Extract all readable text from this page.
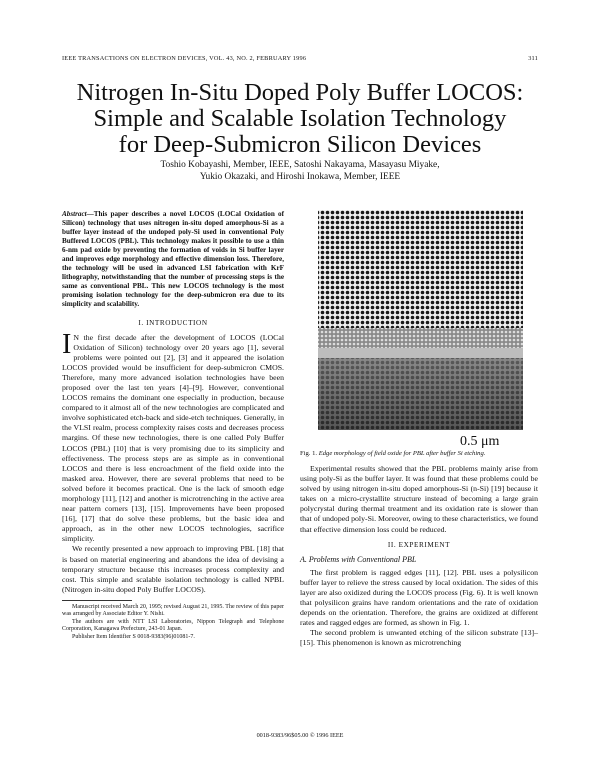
IEEE TRANSACTIONS ON ELECTRON DEVICES, VOL. 43, NO. 2, FEBRUARY 1996	311

Nitrogen In-Situ Doped Poly Buffer LOCOS:

Simple and Scalable Isolation Technology

for Deep-Submicron Silicon Devices

Toshio Kobayashi, Member, IEEE, Satoshi Nakayama, Masayasu Miyake,
Yukio Okazaki, and Hiroshi Inokawa, Member, IEEE

Abstract—This paper describes a novel LOCOS (LOCal Oxidation of Silicon) technology that uses nitrogen in-situ doped amorphous-Si as a buffer layer instead of the undoped poly-Si used in conventional Poly Buffered LOCOS (PBL). This technology makes it possible to use a thin 6-nm pad oxide by preventing the formation of voids in Si buffer layer and improves edge morphology and effective dimension loss. Therefore, the technology will be used in advanced LSI fabrication with KrF lithography, notwithstanding that the number of processing steps is the same as conventional PBL. This new LOCOS technology is the most promising isolation technology for the deep-submicron era due to its simplicity and scalability.

I. INTRODUCTION

I N the first decade after the development of LOCOS (LOCal Oxidation of Silicon) technology over 20 years ago [1], several problems were pointed out [2], [3] and it appeared the isolation LOCOS provided would be insufficient for deep-submicron CMOS. Therefore, many more advanced isolation technologies have been proposed over the last ten years [4]–[9]. However, conventional LOCOS remains the dominant one especially in production, because compared to it almost all of the new technologies are complicated and involve sophisticated etch-back and side-etch techniques. Generally, in the VLSI realm, process complexity raises costs and decreases process margins. Of these new technologies, there is one called Poly Buffer LOCOS (PBL) [10] that is very promising due to its simplicity and effectiveness. The process steps are as simple as in conventional LOCOS and there is less encroachment of the field oxide into the masked area. However, there are several problems that need to be solved before it becomes practical. One is the lack of smooth edge morphology [11], [12] and another is microtrenching in the active area near pattern corners [13], [15]. Improvements have been proposed [16], [17] that do solve these problems, but the basic idea and approach, as in the other new LOCOS technologies, sacrifice simplicity.

We recently presented a new approach to improving PBL [18] that is based on material engineering and abandons the idea of devising a temporary structure because this increases process complexity and cost. This simple and scalable isolation technology is called NPBL (Nitrogen in-situ doped Poly Buffer LOCOS).

Manuscript received March 20, 1995; revised August 21, 1995. The review of this paper was arranged by Associate Editor Y. Nishi.

The authors are with NTT LSI Laboratories, Nippon Telegraph and Telephone Corporation, Kanagawa Prefecture, 243-01 Japan.

Publisher Item Identifier S 0018-9383(96)01081-7.

0.5 μm

Fig. 1. Edge morphology of field oxide for PBL after buffer Si etching.

Experimental results showed that the PBL problems mainly arise from using poly-Si as the buffer layer. It was found that these problems could be solved by using nitrogen in-situ doped amorphous-Si (n-Si) [19] because it takes on a micro-crystallite structure instead of becoming a large grain polycrystal during thermal treatment and its oxidation rate is slower than that of undoped poly-Si. Moreover, owing to these characteristics, we found that effective dimension loss could be reduced.

II. EXPERIMENT

A. Problems with Conventional PBL

The first problem is ragged edges [11], [12]. PBL uses a polysilicon buffer layer to relieve the stress caused by local oxidation. The sides of this layer are also oxidized during the LOCOS process (Fig. 6). It is well known that polysilicon grains have random orientations and the rate of oxidation depends on the orientation. Therefore, the grains are oxidized at different rates and ragged edges are formed, as shown in Fig. 1.

The second problem is unwanted etching of the silicon substrate [13]–[15]. This phenomenon is known as microtrenching

0018-9383/96$05.00 © 1996 IEEE
